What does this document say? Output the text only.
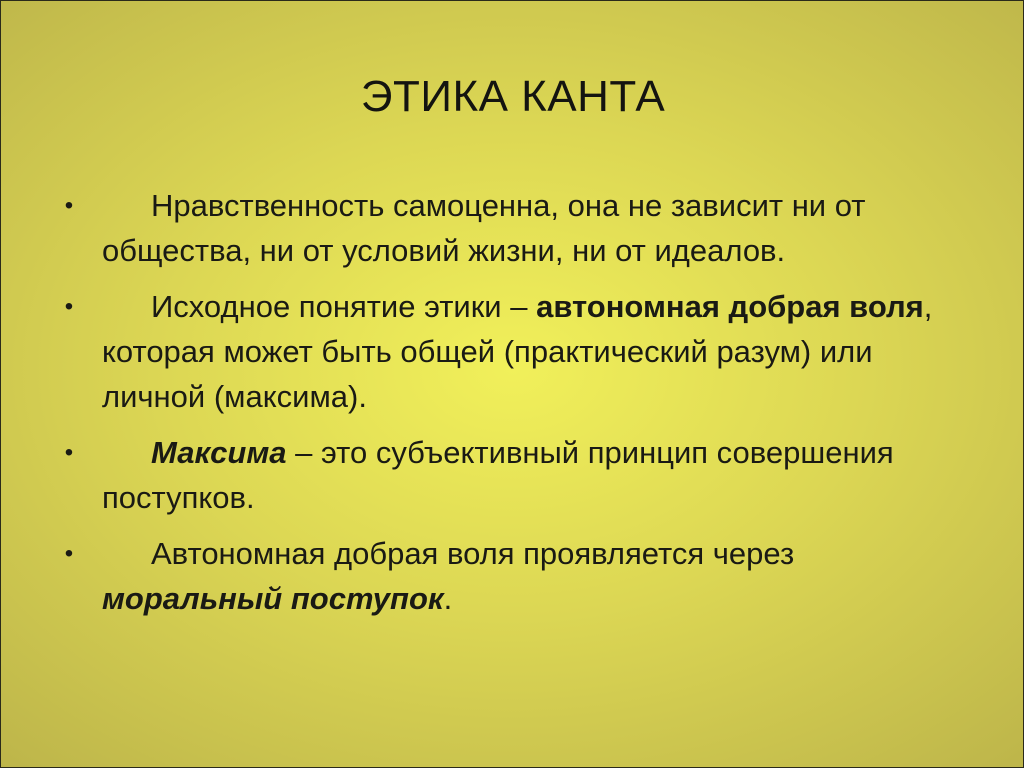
ЭТИКА КАНТА
•	Нравственность самоценна, она не зависит ни от общества, ни от условий жизни, ни от идеалов.
•	Исходное понятие этики – автономная добрая воля, которая может быть общей (практический разум) или личной (максима).
•	Максима – это субъективный принцип совершения поступков.
•	Автономная добрая воля проявляется через моральный поступок.
